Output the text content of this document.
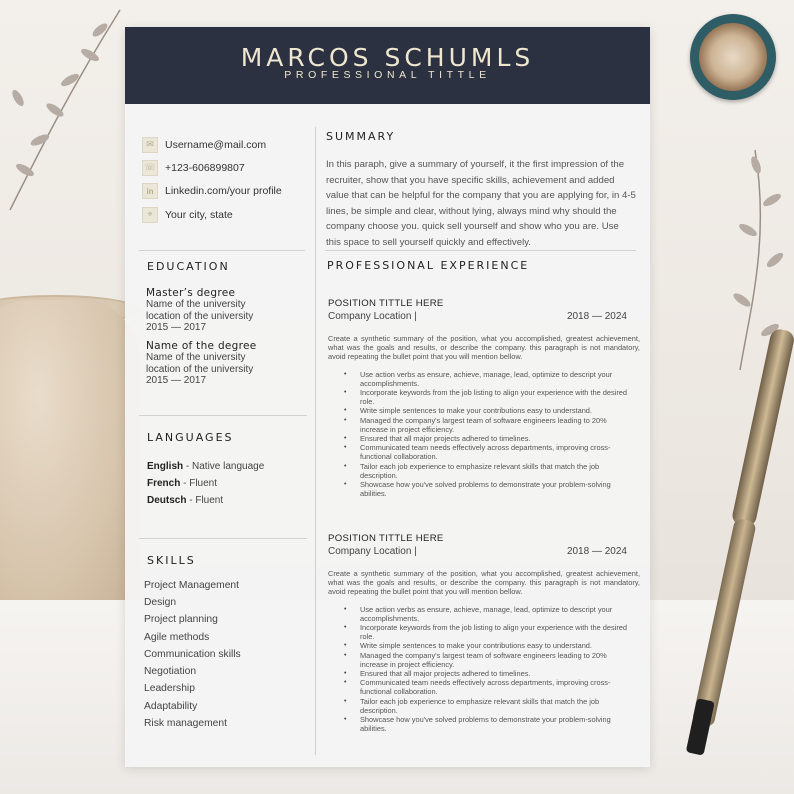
MARCOS SCHUMLS
PROFESSIONAL TITTLE
✉	Username@mail.com
☏ +123-606899807
in	Linkedin.com/your profile
⌖	Your city, state
EDUCATION
Master’s degree
Name of the university
location of the university
2015 — 2017
Name of the degree
Name of the university
location of the university
2015 — 2017
LANGUAGES
English - Native language
French - Fluent
Deutsch - Fluent
SKILLS
Project Management
Design
Project planning
Agile methods
Communication skills
Negotiation
Leadership
Adaptability
Risk management
SUMMARY
In this paraph, give a summary of yourself, it the first impression of the recruiter, show that you have specific skills, achievement and added value that can be helpful for the company that you are applying for, in 4-5 lines, be simple and clear, without lying, always mind why should the company choose you. quick sell yourself and show who you are. Use this space to sell yourself quickly and effectively.
PROFESSIONAL EXPERIENCE
POSITION TITTLE HERE
Company Location |	2018 — 2024
Create a synthetic summary of the position, what you accomplished, greatest achievement, what was the goals and results, or describe the company. this paragraph is not mandatory, avoid repeating the bullet point that you will mention bellow.
• Use action verbs as ensure, achieve, manage, lead, optimize to descript your accomplishments.
• Incorporate keywords from the job listing to align your experience with the desired role.
• Write simple sentences to make your contributions easy to understand.
• Managed the company's largest team of software engineers leading to 20% increase in project efficiency.
• Ensured that all major projects adhered to timelines.
• Communicated team needs effectively across departments, improving cross-functional collaboration.
• Tailor each job experience to emphasize relevant skills that match the job description.
• Showcase how you've solved problems to demonstrate your problem-solving abilities.
POSITION TITTLE HERE
Company Location |	2018 — 2024
Create a synthetic summary of the position, what you accomplished, greatest achievement, what was the goals and results, or describe the company. this paragraph is not mandatory, avoid repeating the bullet point that you will mention bellow.
• Use action verbs as ensure, achieve, manage, lead, optimize to descript your accomplishments.
• Incorporate keywords from the job listing to align your experience with the desired role.
• Write simple sentences to make your contributions easy to understand.
• Managed the company's largest team of software engineers leading to 20% increase in project efficiency.
• Ensured that all major projects adhered to timelines.
• Communicated team needs effectively across departments, improving cross-functional collaboration.
• Tailor each job experience to emphasize relevant skills that match the job description.
• Showcase how you've solved problems to demonstrate your problem-solving abilities.
